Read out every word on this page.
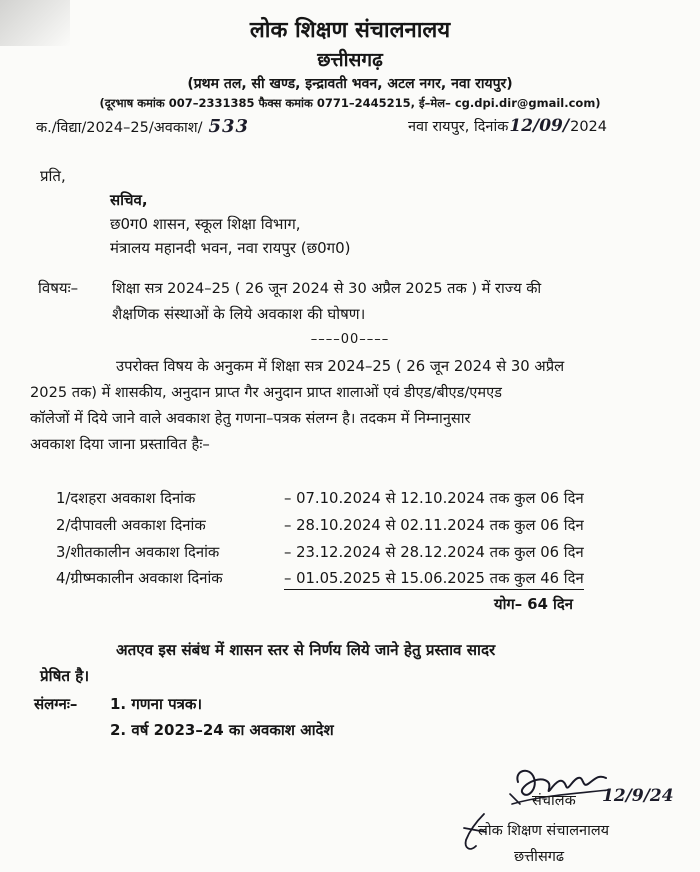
लोक शिक्षण संचालनालय
छत्तीसगढ़
(प्रथम तल, सी खण्ड, इन्द्रावती भवन, अटल नगर, नवा रायपुर)
(दूरभाष कमांक 007–2331385 फैक्स कमांक 0771–2445215, ई–मेल– cg.dpi.dir@gmail.com)
क./विद्या/2024–25/अवकाश/ 533	नवा रायपुर, दिनांक12/09/2024
प्रति,
सचिव,
छ0ग0 शासन, स्कूल शिक्षा विभाग,
मंत्रालय महानदी भवन, नवा रायपुर (छ0ग0)
विषयः– शिक्षा सत्र 2024–25 ( 26 जून 2024 से 30 अप्रैल 2025 तक ) में राज्य की
शैक्षणिक संस्थाओं के लिये अवकाश की घोषण।
––––00––––
उपरोक्त विषय के अनुकम में शिक्षा सत्र 2024–25 ( 26 जून 2024 से 30 अप्रैल
2025 तक) में शासकीय, अनुदान प्राप्त गैर अनुदान प्राप्त शालाओं एवं डीएड/बीएड/एमएड
कॉलेजों में दिये जाने वाले अवकाश हेतु गणना–पत्रक संलग्न है। तदकम में निम्नानुसार
अवकाश दिया जाना प्रस्तावित हैः–
1/दशहरा अवकाश दिनांक	– 07.10.2024 से 12.10.2024 तक कुल 06 दिन
2/दीपावली अवकाश दिनांक	– 28.10.2024 से 02.11.2024 तक कुल 06 दिन
3/शीतकालीन अवकाश दिनांक	– 23.12.2024 से 28.12.2024 तक कुल 06 दिन
4/ग्रीष्मकालीन अवकाश दिनांक	– 01.05.2025 से 15.06.2025 तक कुल 46 दिन
योग– 64 दिन
अतएव इस संबंध में शासन स्तर से निर्णय लिये जाने हेतु प्रस्ताव सादर
प्रेषित है।
संलग्नः– 1. गणना पत्रक।
2. वर्ष 2023–24 का अवकाश आदेश
संचालक 12/9/24
लोक शिक्षण संचालनालय
छत्तीसगढ
